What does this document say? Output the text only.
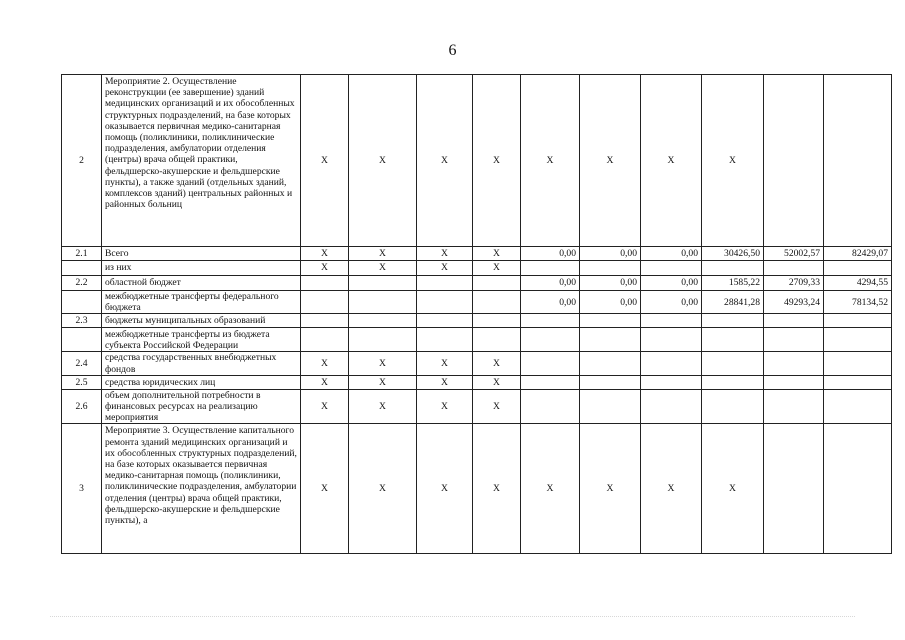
6
2	Мероприятие 2. Осуществление реконструкции (ее завершение) зданий медицинских организаций и их обособленных структурных подразделений, на базе которых оказывается первичная медико-санитарная помощь (поликлиники, поликлинические подразделения, амбулатории отделения (центры) врача общей практики, фельдшерско-акушерские и фельдшерские пункты), а также зданий (отдельных зданий, комплексов зданий) центральных районных и районных больниц	X	X	X	X	X	X	X	X		
2.1	Всего	X	X	X	X	0,00	0,00	0,00	30426,50	52002,57	82429,07
	из них	X	X	X	X						
2.2	областной бюджет					0,00	0,00	0,00	1585,22	2709,33	4294,55
	межбюджетные трансферты федерального бюджета					0,00	0,00	0,00	28841,28	49293,24	78134,52
2.3	бюджеты муниципальных образований										
	межбюджетные трансферты из бюджета субъекта Российской Федерации										
2.4	средства государственных внебюджетных фондов	X	X	X	X						
2.5	средства юридических лиц	X	X	X	X						
2.6	объем дополнительной потребности в финансовых ресурсах на реализацию мероприятия	X	X	X	X						
3	Мероприятие 3. Осуществление капитального ремонта зданий медицинских организаций и их обособленных структурных подразделений, на базе которых оказывается первичная медико-санитарная помощь (поликлиники, поликлинические подразделения, амбулатории отделения (центры) врача общей практики, фельдшерско-акушерские и фельдшерские пункты), а	X	X	X	X	X	X	X	X		
